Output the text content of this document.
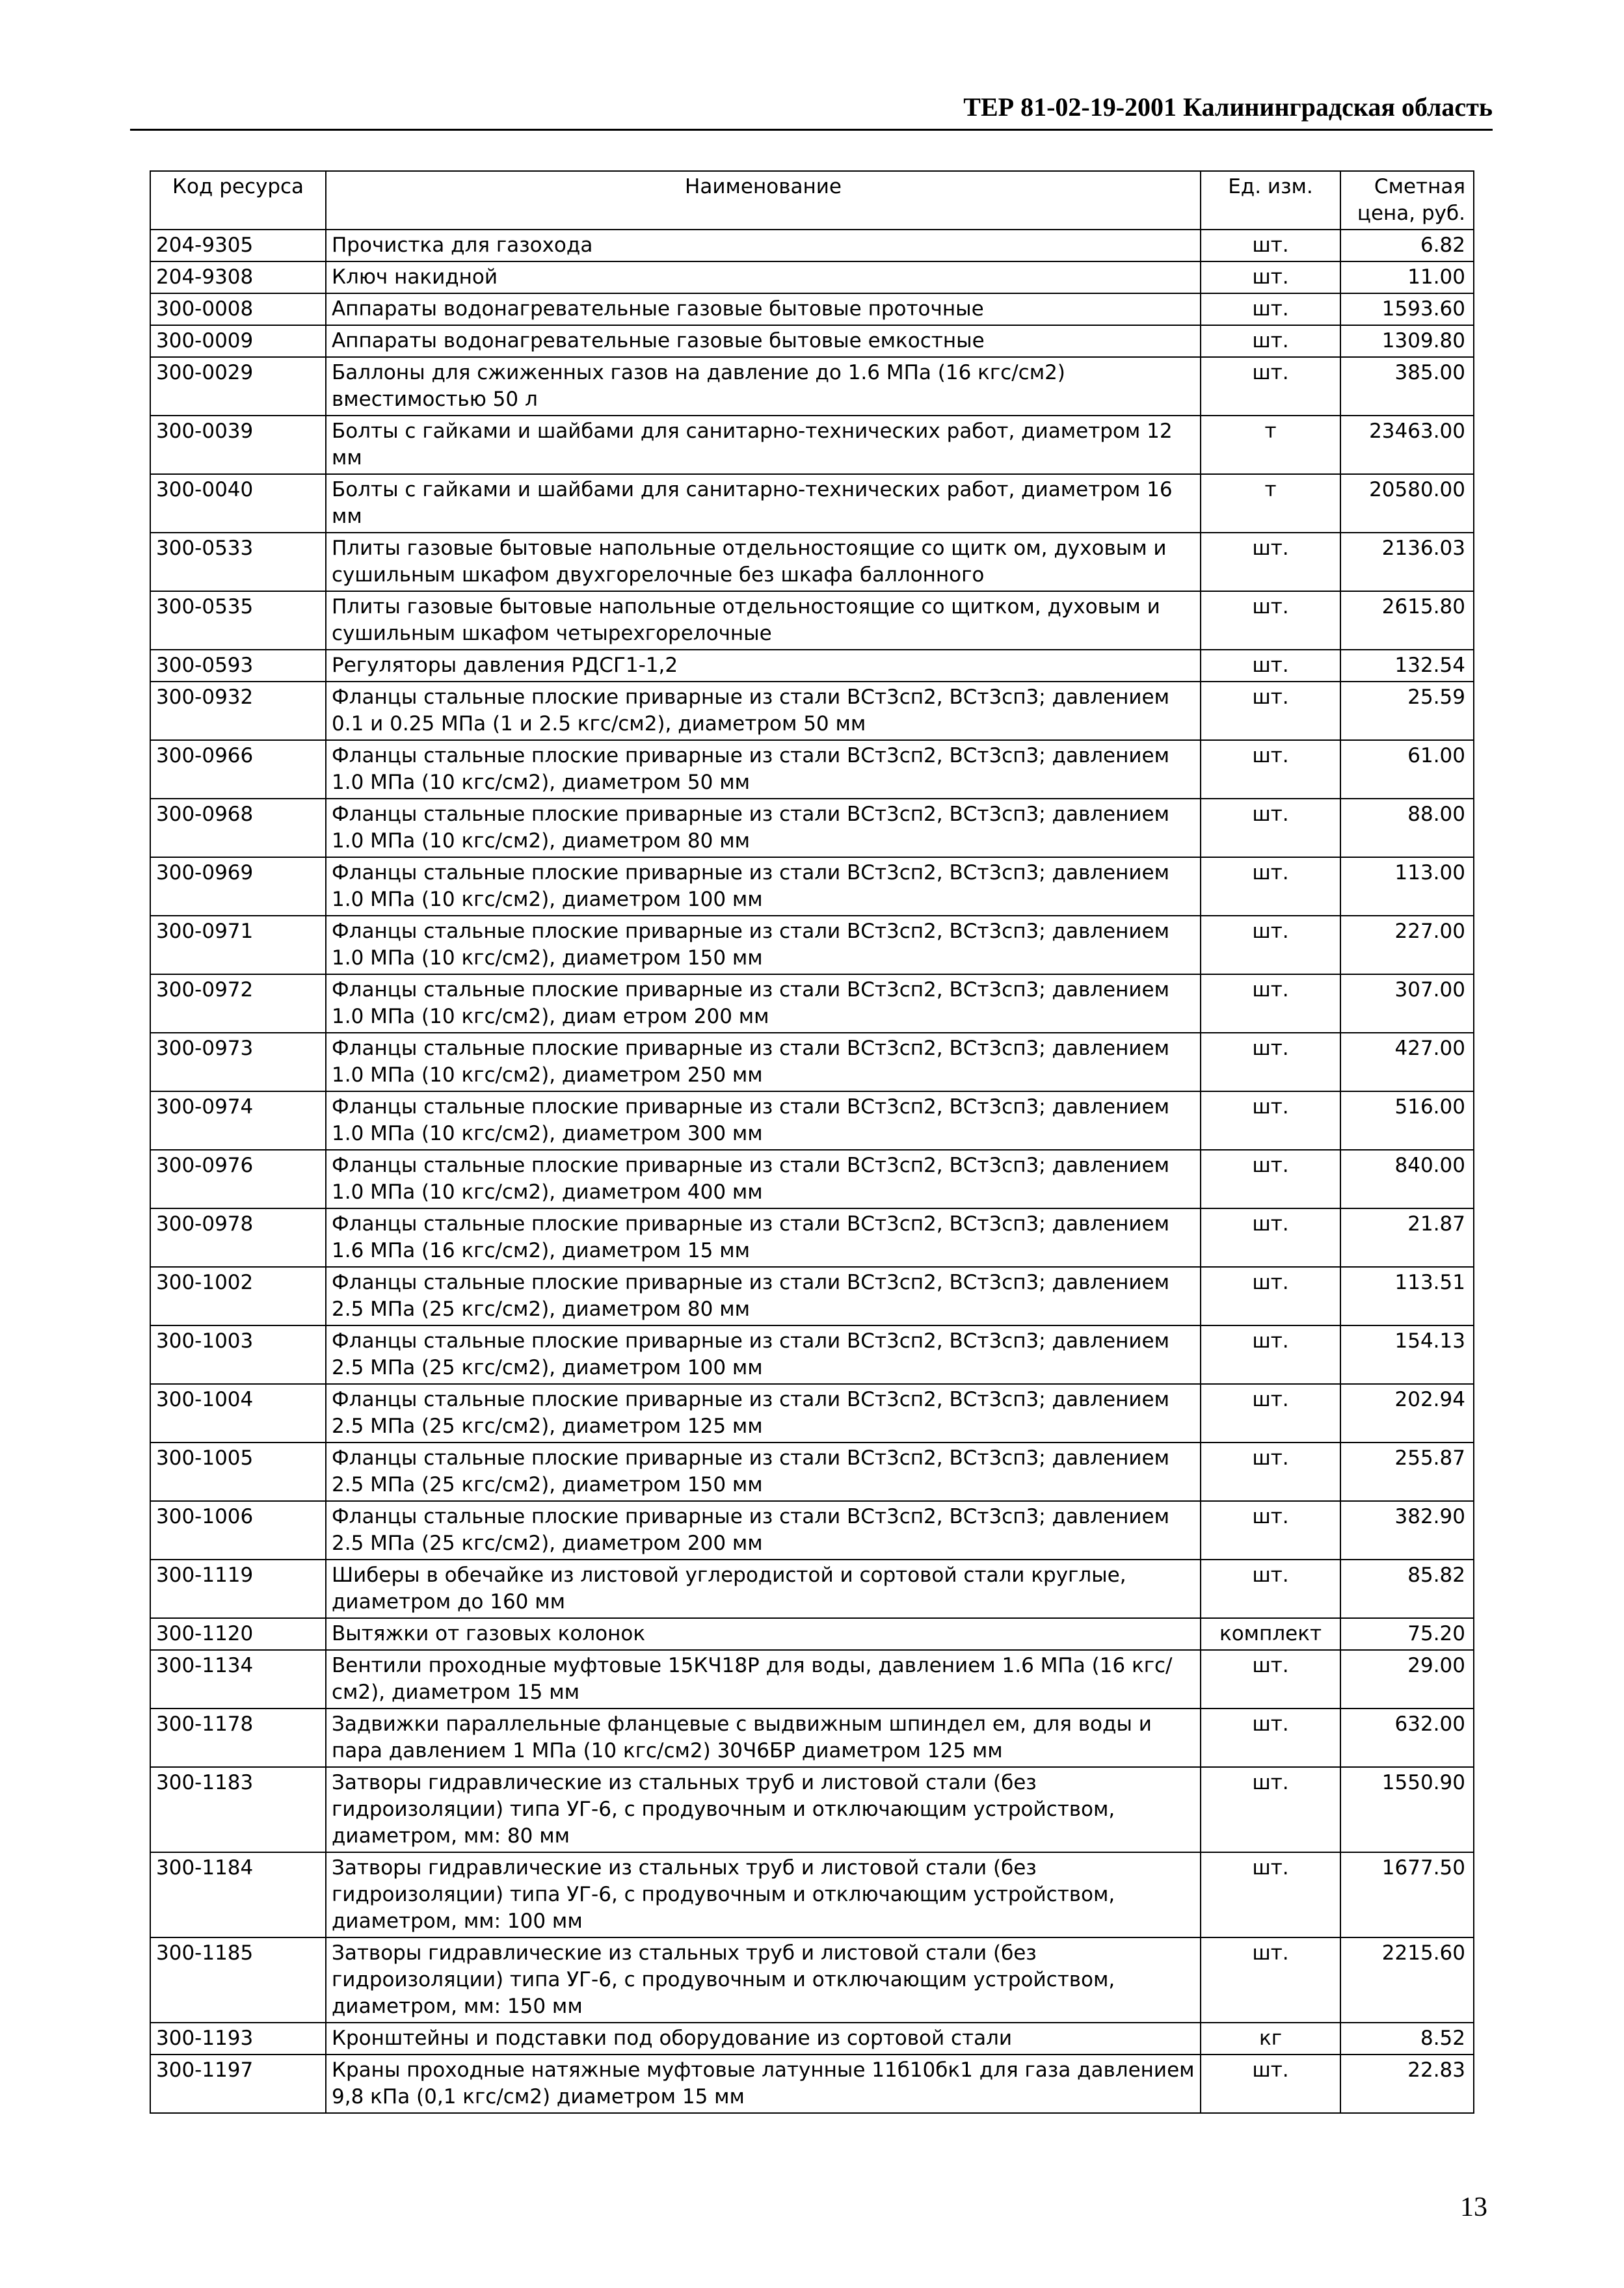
ТЕР 81-02-19-2001 Калининградская область
Код ресурса	Наименование	Ед. изм.	Сметная цена, руб.
204-9305	Прочистка для газохода	шт.	6.82
204-9308	Ключ накидной	шт.	11.00
300-0008	Аппараты водонагревательные газовые бытовые проточные	шт.	1593.60
300-0009	Аппараты водонагревательные газовые бытовые емкостные	шт.	1309.80
300-0029	Баллоны для сжиженных газов на давление до 1.6 МПа (16 кгс/см2) вместимостью 50 л	шт.	385.00
300-0039	Болты с гайками и шайбами для санитарно-технических работ, диаметром 12 мм	т	23463.00
300-0040	Болты с гайками и шайбами для санитарно-технических работ, диаметром 16 мм	т	20580.00
300-0533	Плиты газовые бытовые напольные отдельностоящие со щитк ом, духовым и сушильным шкафом двухгорелочные без шкафа баллонного	шт.	2136.03
300-0535	Плиты газовые бытовые напольные отдельностоящие со щитком, духовым и сушильным шкафом четырехгорелочные	шт.	2615.80
300-0593	Регуляторы давления РДСГ1-1,2	шт.	132.54
300-0932	Фланцы стальные плоские приварные из стали ВСт3сп2, ВСт3сп3; давлением 0.1 и 0.25 МПа (1 и 2.5 кгс/см2), диаметром 50 мм	шт.	25.59
300-0966	Фланцы стальные плоские приварные из стали ВСт3сп2, ВСт3сп3; давлением 1.0 МПа (10 кгс/см2), диаметром 50 мм	шт.	61.00
300-0968	Фланцы стальные плоские приварные из стали ВСт3сп2, ВСт3сп3; давлением 1.0 МПа (10 кгс/см2), диаметром 80 мм	шт.	88.00
300-0969	Фланцы стальные плоские приварные из стали ВСт3сп2, ВСт3сп3; давлением 1.0 МПа (10 кгс/см2), диаметром 100 мм	шт.	113.00
300-0971	Фланцы стальные плоские приварные из стали ВСт3сп2, ВСт3сп3; давлением 1.0 МПа (10 кгс/см2), диаметром 150 мм	шт.	227.00
300-0972	Фланцы стальные плоские приварные из стали ВСт3сп2, ВСт3сп3; давлением 1.0 МПа (10 кгс/см2), диам етром 200 мм	шт.	307.00
300-0973	Фланцы стальные плоские приварные из стали ВСт3сп2, ВСт3сп3; давлением 1.0 МПа (10 кгс/см2), диаметром 250 мм	шт.	427.00
300-0974	Фланцы стальные плоские приварные из стали ВСт3сп2, ВСт3сп3; давлением 1.0 МПа (10 кгс/см2), диаметром 300 мм	шт.	516.00
300-0976	Фланцы стальные плоские приварные из стали ВСт3сп2, ВСт3сп3; давлением 1.0 МПа (10 кгс/см2), диаметром 400 мм	шт.	840.00
300-0978	Фланцы стальные плоские приварные из стали ВСт3сп2, ВСт3сп3; давлением 1.6 МПа (16 кгс/см2), диаметром 15 мм	шт.	21.87
300-1002	Фланцы стальные плоские приварные из стали ВСт3сп2, ВСт3сп3; давлением 2.5 МПа (25 кгс/см2), диаметром 80 мм	шт.	113.51
300-1003	Фланцы стальные плоские приварные из стали ВСт3сп2, ВСт3сп3; давлением 2.5 МПа (25 кгс/см2), диаметром 100 мм	шт.	154.13
300-1004	Фланцы стальные плоские приварные из стали ВСт3сп2, ВСт3сп3; давлением 2.5 МПа (25 кгс/см2), диаметром 125 мм	шт.	202.94
300-1005	Фланцы стальные плоские приварные из стали ВСт3сп2, ВСт3сп3; давлением 2.5 МПа (25 кгс/см2), диаметром 150 мм	шт.	255.87
300-1006	Фланцы стальные плоские приварные из стали ВСт3сп2, ВСт3сп3; давлением 2.5 МПа (25 кгс/см2), диаметром 200 мм	шт.	382.90
300-1119	Шиберы в обечайке из листовой углеродистой и сортовой стали круглые, диаметром до 160 мм	шт.	85.82
300-1120	Вытяжки от газовых колонок	комплект	75.20
300-1134	Вентили проходные муфтовые 15КЧ18Р для воды, давлением 1.6 МПа (16 кгс/см2), диаметром 15 мм	шт.	29.00
300-1178	Задвижки параллельные фланцевые с выдвижным шпиндел ем, для воды и пара давлением 1 МПа (10 кгс/см2) 30Ч6БР диаметром 125 мм	шт.	632.00
300-1183	Затворы гидравлические из стальных труб и листовой стали (без гидроизоляции) типа УГ-6, с продувочным и отключающим устройством, диаметром, мм: 80 мм	шт.	1550.90
300-1184	Затворы гидравлические из стальных труб и листовой стали (без гидроизоляции) типа УГ-6, с продувочным и отключающим устройством, диаметром, мм: 100 мм	шт.	1677.50
300-1185	Затворы гидравлические из стальных труб и листовой стали (без гидроизоляции) типа УГ-6, с продувочным и отключающим устройством, диаметром, мм: 150 мм	шт.	2215.60
300-1193	Кронштейны и подставки под оборудование из сортовой стали	кг	8.52
300-1197	Краны проходные натяжные муфтовые латунные 11б10бк1 для газа давлением 9,8 кПа (0,1 кгс/см2) диаметром 15 мм	шт.	22.83
13
